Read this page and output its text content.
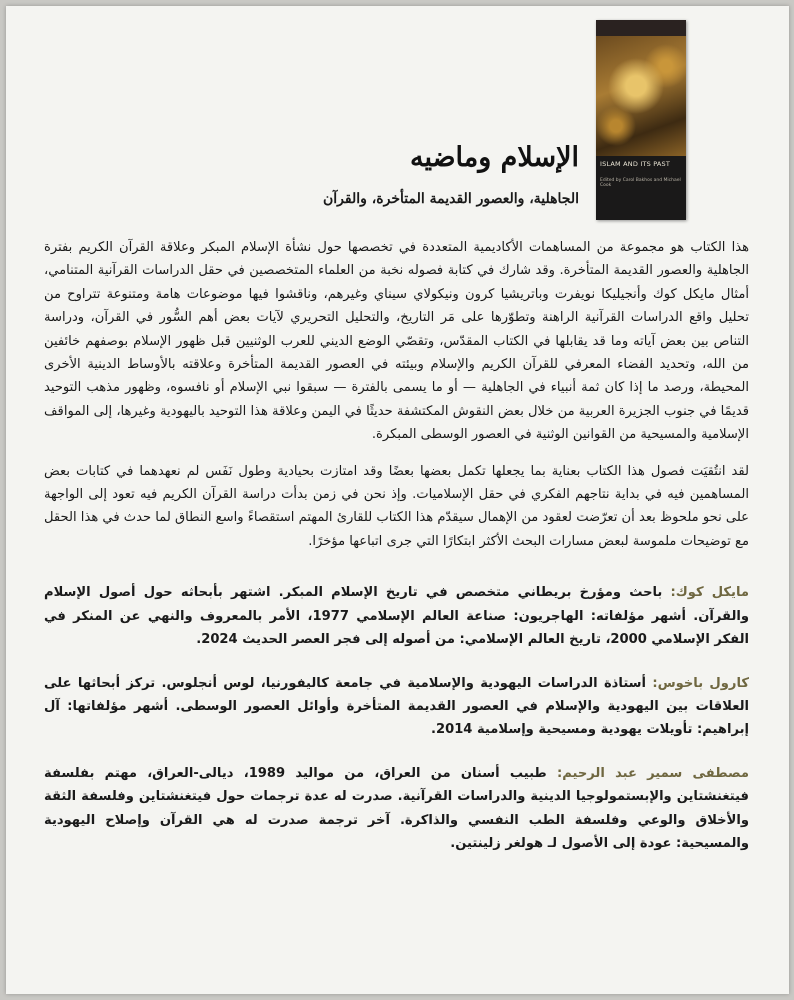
ISLAM AND ITS PAST
Edited by Carol Bakhos and Michael Cook
الإسلام وماضيه
الجاهلية، والعصور القديمة المتأخرة، والقرآن

هذا الكتاب هو مجموعة من المساهمات الأكاديمية المتعددة في تخصصها حول نشأة الإسلام المبكر وعلاقة القرآن الكريم بفترة الجاهلية والعصور القديمة المتأخرة. وقد شارك في كتابة فصوله نخبة من العلماء المتخصصين في حقل الدراسات القرآنية المتنامي، أمثال مايكل كوك وأنجيليكا نويفرت وباتريشيا كرون ونيكولاي سيناي وغيرهم، وناقشوا فيها موضوعات هامة ومتنوعة تتراوح من تحليل واقع الدراسات القرآنية الراهنة وتطوّرها على مَر التاريخ، والتحليل التحريري لآيات بعض أهم السُّور في القرآن، ودراسة التناص بين بعض آياته وما قد يقابلها في الكتاب المقدّس، وتقصّي الوضع الديني للعرب الوثنيين قبل ظهور الإسلام بوصفهم خائفين من الله، وتحديد الفضاء المعرفي للقرآن الكريم والإسلام وبيئته في العصور القديمة المتأخرة وعلاقته بالأوساط الدينية الأخرى المحيطة، ورصد ما إذا كان ثمة أنبياء في الجاهلية — أو ما يسمى بالفترة — سبقوا نبي الإسلام أو نافسوه، وظهور مذهب التوحيد قديمًا في جنوب الجزيرة العربية من خلال بعض النقوش المكتشفة حديثًا في اليمن وعلاقة هذا التوحيد باليهودية وغيرها، إلى المواقف الإسلامية والمسيحية من القوانين الوثنية في العصور الوسطى المبكرة.

لقد انتُقيَت فصول هذا الكتاب بعناية بما يجعلها تكمل بعضها بعضًا وقد امتازت بحيادية وطول نَفَس لم نعهدهما في كتابات بعض المساهمين فيه في بداية نتاجهم الفكري في حقل الإسلاميات. وإذ نحن في زمن بدأت دراسة القرآن الكريم فيه تعود إلى الواجهة على نحو ملحوظ بعد أن تعرّضت لعقود من الإهمال سيقدّم هذا الكتاب للقارئ المهتم استقصاءً واسع النطاق لما حدث في هذا الحقل مع توضيحات ملموسة لبعض مسارات البحث الأكثر ابتكارًا التي جرى اتباعها مؤخرًا.

مايكل كوك: باحث ومؤرخ بريطاني متخصص في تاريخ الإسلام المبكر. اشتهر بأبحاثه حول أصول الإسلام والقرآن. أشهر مؤلفاته: الهاجريون: صناعة العالم الإسلامي 1977، الأمر بالمعروف والنهي عن المنكر في الفكر الإسلامي 2000، تاريخ العالم الإسلامي: من أصوله إلى فجر العصر الحديث 2024.

كارول باخوس: أستاذة الدراسات اليهودية والإسلامية في جامعة كاليفورنيا، لوس أنجلوس. تركز أبحاثها على العلاقات بين اليهودية والإسلام في العصور القديمة المتأخرة وأوائل العصور الوسطى. أشهر مؤلفاتها: آل إبراهيم: تأويلات يهودية ومسيحية وإسلامية 2014.

مصطفى سمير عبد الرحيم: طبيب أسنان من العراق، من مواليد 1989، ديالى-العراق، مهتم بفلسفة فيتغنشتاين والإبستمولوجيا الدينية والدراسات القرآنية. صدرت له عدة ترجمات حول فيتغنشتاين وفلسفة الثقة والأخلاق والوعي وفلسفة الطب النفسي والذاكرة. آخر ترجمة صدرت له هي القرآن وإصلاح اليهودية والمسيحية: عودة إلى الأصول لـ هولغر زلينتين.
